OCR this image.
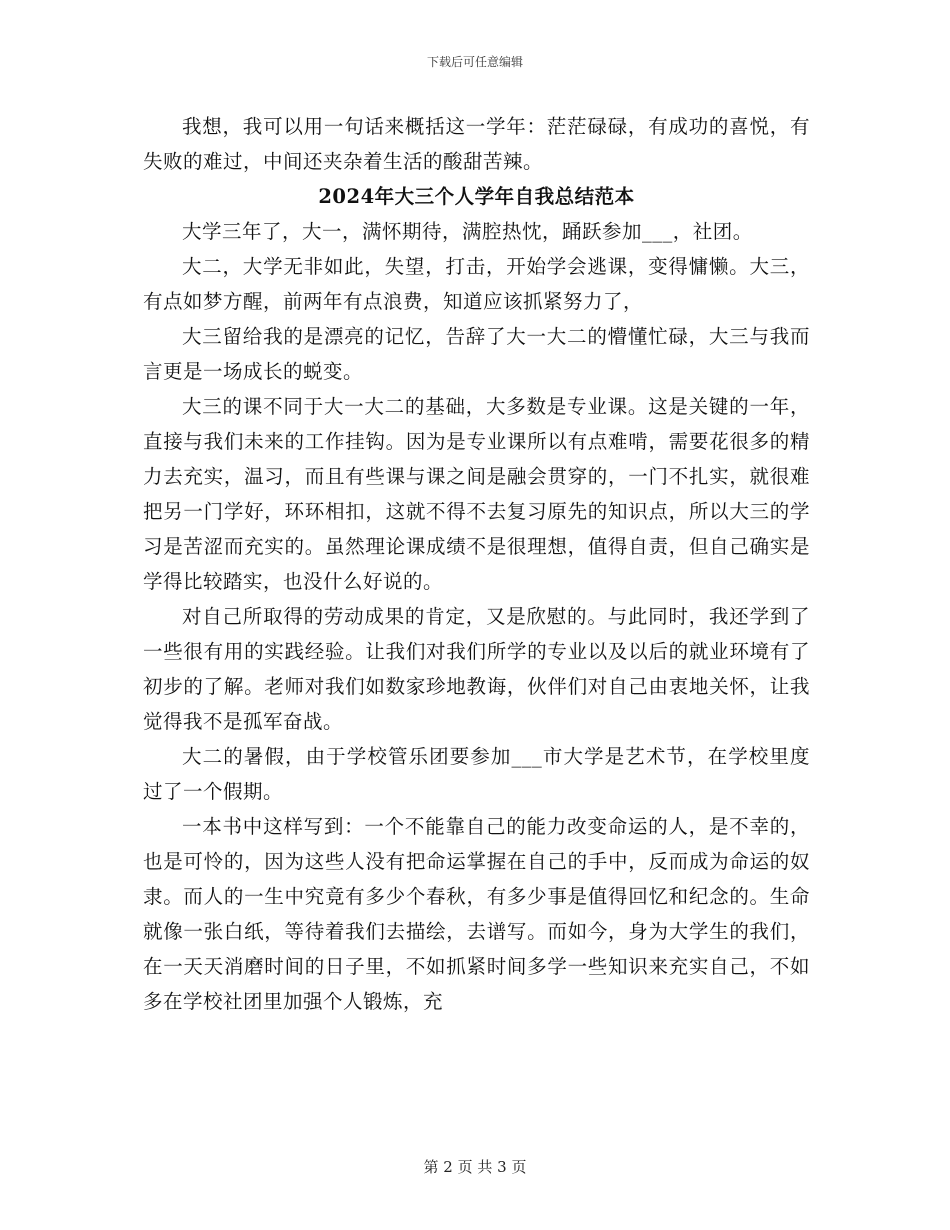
下载后可任意编辑

我想，我可以用一句话来概括这一学年：茫茫碌碌，有成功的喜悦，有失败的难过，中间还夹杂着生活的酸甜苦辣。

2024年大三个人学年自我总结范本

大学三年了，大一，满怀期待，满腔热忱，踊跃参加___，社团。

大二，大学无非如此，失望，打击，开始学会逃课，变得慵懒。大三，有点如梦方醒，前两年有点浪费，知道应该抓紧努力了，

大三留给我的是漂亮的记忆，告辞了大一大二的懵懂忙碌，大三与我而言更是一场成长的蜕变。

大三的课不同于大一大二的基础，大多数是专业课。这是关键的一年，直接与我们未来的工作挂钩。因为是专业课所以有点难啃，需要花很多的精力去充实，温习，而且有些课与课之间是融会贯穿的，一门不扎实，就很难把另一门学好，环环相扣，这就不得不去复习原先的知识点，所以大三的学习是苦涩而充实的。虽然理论课成绩不是很理想，值得自责，但自己确实是学得比较踏实，也没什么好说的。

对自己所取得的劳动成果的肯定，又是欣慰的。与此同时，我还学到了一些很有用的实践经验。让我们对我们所学的专业以及以后的就业环境有了初步的了解。老师对我们如数家珍地教诲，伙伴们对自己由衷地关怀，让我觉得我不是孤军奋战。

大二的暑假，由于学校管乐团要参加___市大学是艺术节，在学校里度过了一个假期。

一本书中这样写到：一个不能靠自己的能力改变命运的人，是不幸的，也是可怜的，因为这些人没有把命运掌握在自己的手中，反而成为命运的奴隶。而人的一生中究竟有多少个春秋，有多少事是值得回忆和纪念的。生命就像一张白纸，等待着我们去描绘，去谱写。而如今，身为大学生的我们，在一天天消磨时间的日子里，不如抓紧时间多学一些知识来充实自己，不如多在学校社团里加强个人锻炼，充

第 2 页 共 3 页
